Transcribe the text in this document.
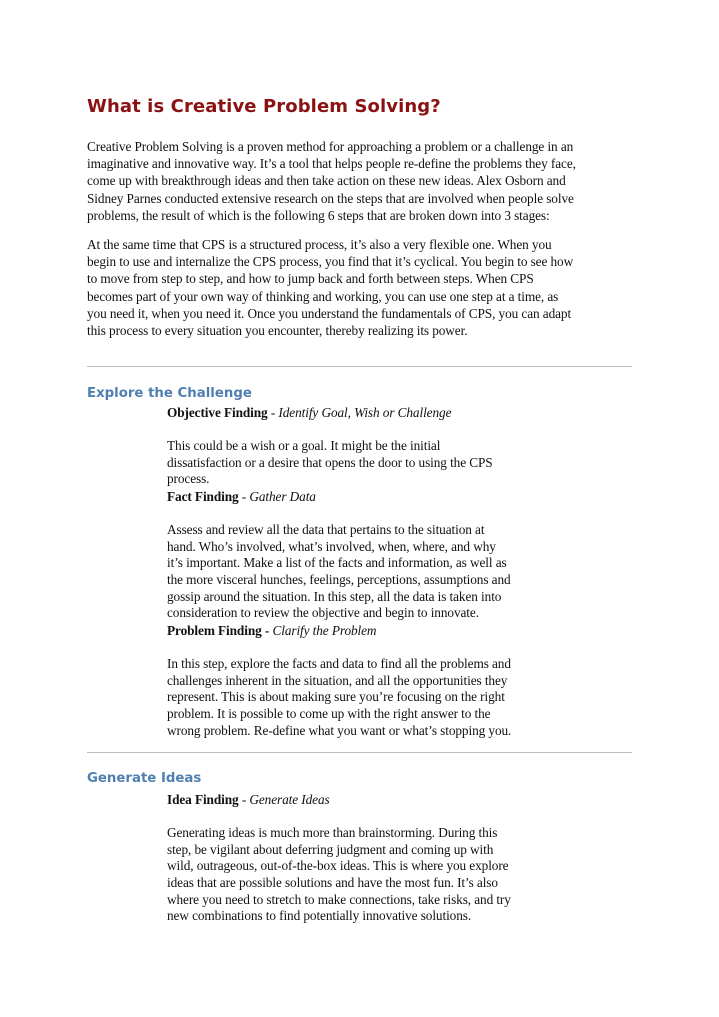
What is Creative Problem Solving?

Creative Problem Solving is a proven method for approaching a problem or a challenge in an
imaginative and innovative way. It’s a tool that helps people re-define the problems they face,
come up with breakthrough ideas and then take action on these new ideas. Alex Osborn and
Sidney Parnes conducted extensive research on the steps that are involved when people solve
problems, the result of which is the following 6 steps that are broken down into 3 stages:

At the same time that CPS is a structured process, it’s also a very flexible one. When you
begin to use and internalize the CPS process, you find that it’s cyclical. You begin to see how
to move from step to step, and how to jump back and forth between steps. When CPS
becomes part of your own way of thinking and working, you can use one step at a time, as
you need it, when you need it. Once you understand the fundamentals of CPS, you can adapt
this process to every situation you encounter, thereby realizing its power.

Explore the Challenge
Objective Finding - Identify Goal, Wish or Challenge
This could be a wish or a goal. It might be the initial
dissatisfaction or a desire that opens the door to using the CPS
process.
Fact Finding - Gather Data
Assess and review all the data that pertains to the situation at
hand. Who’s involved, what’s involved, when, where, and why
it’s important. Make a list of the facts and information, as well as
the more visceral hunches, feelings, perceptions, assumptions and
gossip around the situation. In this step, all the data is taken into
consideration to review the objective and begin to innovate.
Problem Finding - Clarify the Problem
In this step, explore the facts and data to find all the problems and
challenges inherent in the situation, and all the opportunities they
represent. This is about making sure you’re focusing on the right
problem. It is possible to come up with the right answer to the
wrong problem. Re-define what you want or what’s stopping you.
Generate Ideas
Idea Finding - Generate Ideas
Generating ideas is much more than brainstorming. During this
step, be vigilant about deferring judgment and coming up with
wild, outrageous, out-of-the-box ideas. This is where you explore
ideas that are possible solutions and have the most fun. It’s also
where you need to stretch to make connections, take risks, and try
new combinations to find potentially innovative solutions.
